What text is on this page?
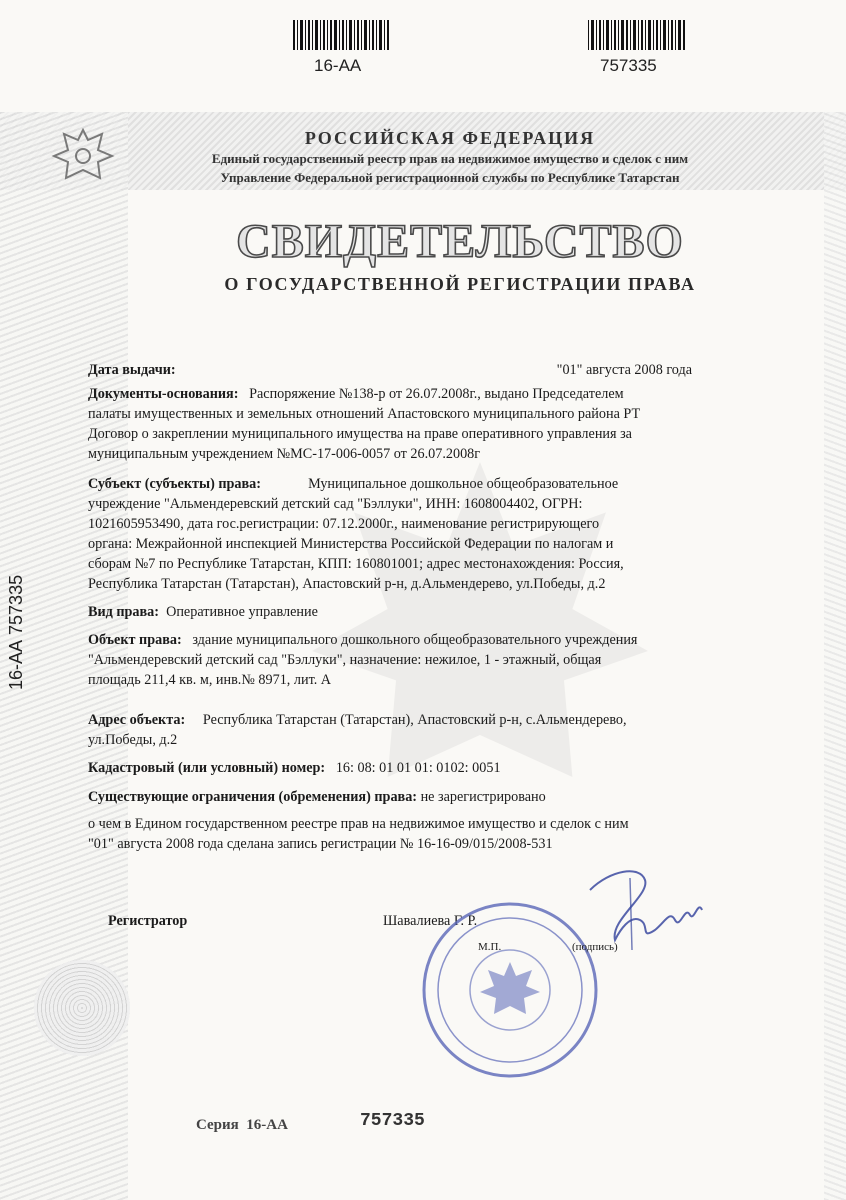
16-АА	757335
РОССИЙСКАЯ ФЕДЕРАЦИЯ
Единый государственный реестр прав на недвижимое имущество и сделок с ним
Управление Федеральной регистрационной службы по Республике Татарстан
СВИДЕТЕЛЬСТВО
О ГОСУДАРСТВЕННОЙ РЕГИСТРАЦИИ ПРАВА
Дата выдачи:	"01" августа 2008 года
Документы-основания: Распоряжение №138-р от 26.07.2008г., выдано Председателем
палаты имущественных и земельных отношений Апастовского муниципального района РТ
Договор о закреплении муниципального имущества на праве оперативного управления за
муниципальным учреждением №МС-17-006-0057 от 26.07.2008г
Субъект (субъекты) права:	Муниципальное дошкольное общеобразовательное
учреждение "Альмендеревский детский сад "Бэллуки", ИНН: 1608004402, ОГРН:
1021605953490, дата гос.регистрации: 07.12.2000г., наименование регистрирующего
органа: Межрайонной инспекцией Министерства Российской Федерации по налогам и
сборам №7 по Республике Татарстан, КПП: 160801001; адрес местонахождения: Россия,
Республика Татарстан (Татарстан), Апастовский р-н, д.Альмендерево, ул.Победы, д.2
Вид права: Оперативное управление
Объект права: здание муниципального дошкольного общеобразовательного учреждения
"Альмендеревский детский сад "Бэллуки", назначение: нежилое, 1 - этажный, общая
площадь 211,4 кв. м, инв.№ 8971, лит. А
Адрес объекта: Республика Татарстан (Татарстан), Апастовский р-н, с.Альмендерево,
ул.Победы, д.2
Кадастровый (или условный) номер: 16: 08: 01 01 01: 0102: 0051
Существующие ограничения (обременения) права: не зарегистрировано
о чем в Едином государственном реестре прав на недвижимое имущество и сделок с ним
"01" августа 2008 года сделана запись регистрации № 16-16-09/015/2008-531
Регистратор	Шавалиева Г. Р.
М.П.	(подпись)
Серия 16-АА	757335
16-АА 757335
